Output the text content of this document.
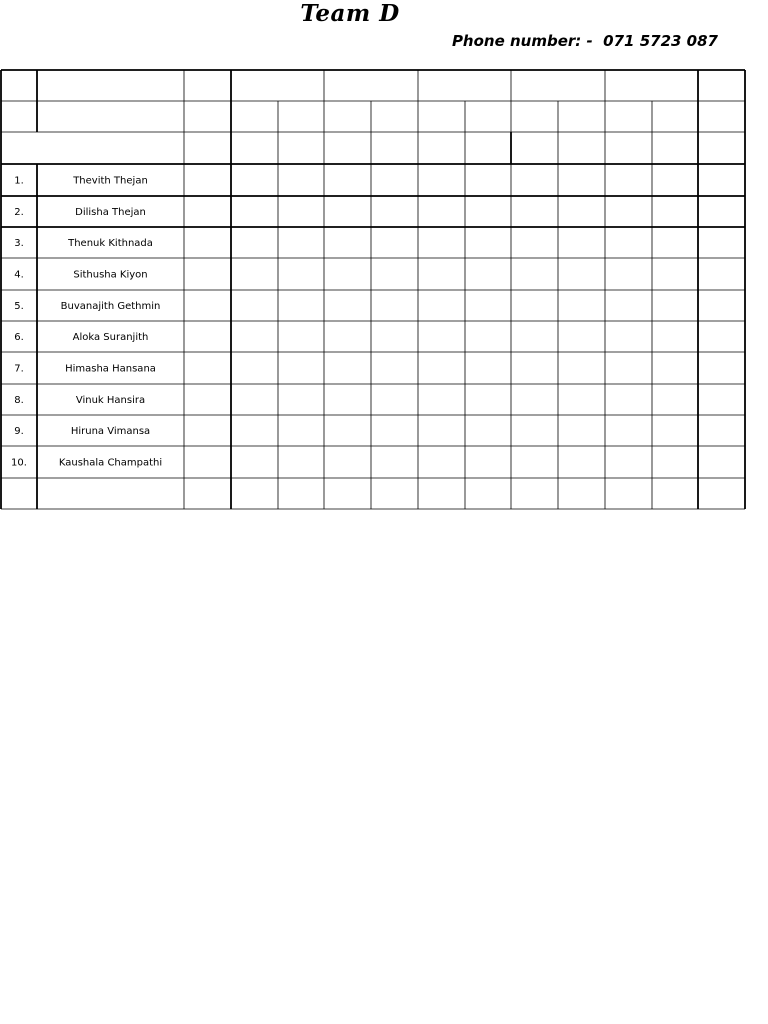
Team D
Phone number: -  071 5723 087
1.	Thevith Thejan
2.	Dilisha Thejan
3.	Thenuk Kithnada
4.	Sithusha Kiyon
5.	Buvanajith Gethmin
6.	Aloka Suranjith
7.	Himasha Hansana
8.	Vinuk Hansira
9.	Hiruna Vimansa
10.	Kaushala Champathi
